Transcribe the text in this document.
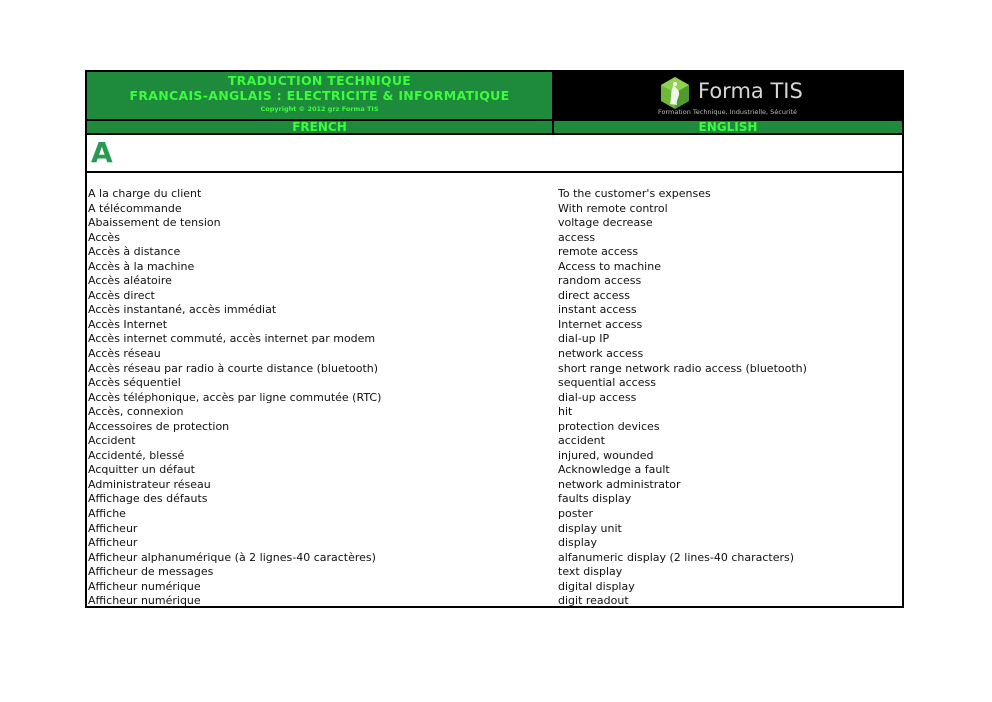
TRADUCTION TECHNIQUE
FRANCAIS-ANGLAIS : ELECTRICITE & INFORMATIQUE
Copyright © 2012 grz Forma TIS
Forma TIS
Formation Technique, Industrielle, Sécurité
FRENCH	ENGLISH
A
A la charge du client	To the customer's expenses
A télécommande	With remote control
Abaissement de tension	voltage decrease
Accès	access
Accès à distance	remote access
Accès à la machine	Access to machine
Accès aléatoire	random access
Accès direct	direct access
Accès instantané, accès immédiat	instant access
Accès Internet	Internet access
Accès internet commuté, accès internet par modem	dial-up IP
Accès réseau	network access
Accès réseau par radio à courte distance (bluetooth)	short range network radio access (bluetooth)
Accès séquentiel	sequential access
Accès téléphonique, accès par ligne commutée (RTC)	dial-up access
Accès, connexion	hit
Accessoires de protection	protection devices
Accident	accident
Accidenté, blessé	injured, wounded
Acquitter un défaut	Acknowledge a fault
Administrateur réseau	network administrator
Affichage des défauts	faults display
Affiche	poster
Afficheur	display unit
Afficheur	display
Afficheur alphanumérique (à 2 lignes-40 caractères)	alfanumeric display (2 lines-40 characters)
Afficheur de messages	text display
Afficheur numérique	digital display
Afficheur numérique	digit readout
